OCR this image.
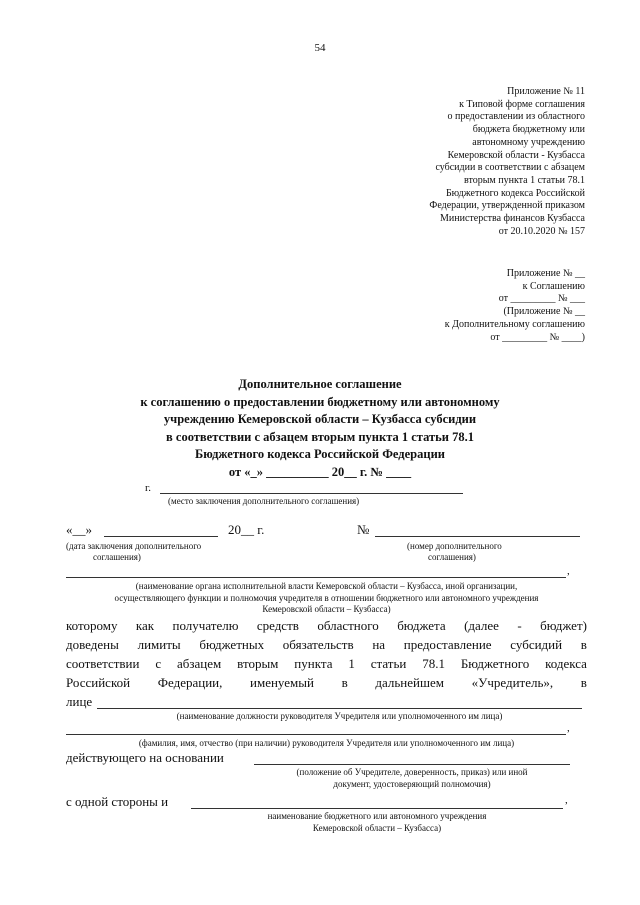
54
Приложение № 11
к Типовой форме соглашения
о предоставлении из областного
бюджета бюджетному или
автономному учреждению
Кемеровской области - Кузбасса
субсидии в соответствии с абзацем
вторым пункта 1 статьи 78.1
Бюджетного кодекса Российской
Федерации, утвержденной приказом
Министерства финансов Кузбасса
от 20.10.2020 № 157
Приложение № __
к Соглашению
от _________ № ___
(Приложение № __
к Дополнительному соглашению
от _________ № ____)
Дополнительное соглашение
к соглашению о предоставлении бюджетному или автономному
учреждению Кемеровской области – Кузбасса субсидии
в соответствии с абзацем вторым пункта 1 статьи 78.1
Бюджетного кодекса Российской Федерации
от «_» __________ 20__ г. № ____
г.
(место заключения дополнительного соглашения)
«__»	20__ г.	№
(дата заключения дополнительного
соглашения)
(номер дополнительного
соглашения)
,
(наименование органа исполнительной власти Кемеровской области – Кузбасса, иной организации,
осуществляющего функции и полномочия учредителя в отношении бюджетного или автономного учреждения
Кемеровской области – Кузбасса)
которому как получателю средств областного бюджета (далее - бюджет)
доведены лимиты бюджетных обязательств на предоставление субсидий в
соответствии с абзацем вторым пункта 1 статьи 78.1 Бюджетного кодекса
Российской Федерации, именуемый в дальнейшем «Учредитель», в
лице
(наименование должности руководителя Учредителя или уполномоченного им лица)
,
(фамилия, имя, отчество (при наличии) руководителя Учредителя или уполномоченного им лица)
действующего на основании
(положение об Учредителе, доверенность, приказ) или иной
документ, удостоверяющий полномочия)
с одной стороны и	,
наименование бюджетного или автономного учреждения
Кемеровской области – Кузбасса)
